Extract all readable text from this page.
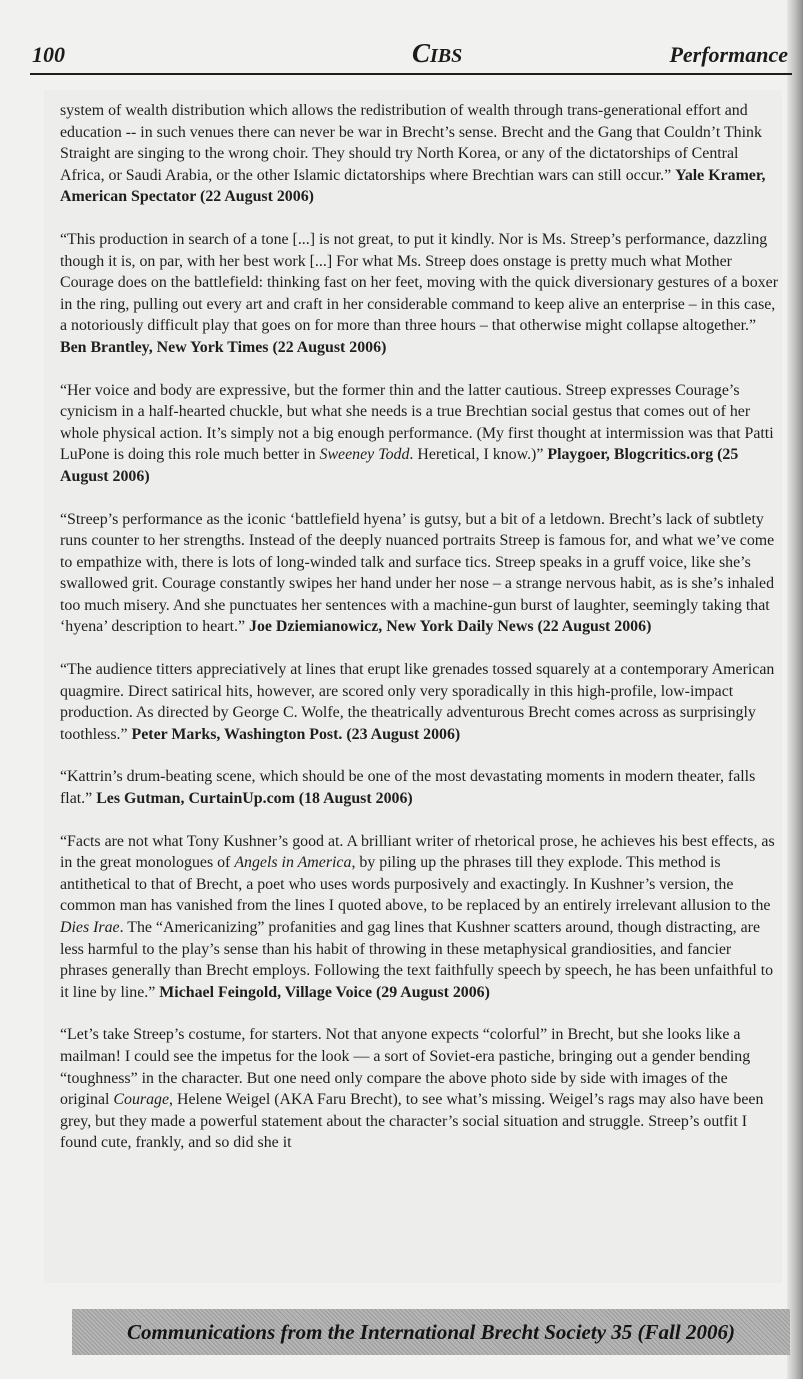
100	CIBS	Performance

system of wealth distribution which allows the redistribution of wealth through trans-generational effort and education -- in such venues there can never be war in Brecht’s sense. Brecht and the Gang that Couldn’t Think Straight are singing to the wrong choir. They should try North Korea, or any of the dictatorships of Central Africa, or Saudi Arabia, or the other Islamic dictatorships where Brechtian wars can still occur.” Yale Kramer, American Spectator (22 August 2006)

“This production in search of a tone [...] is not great, to put it kindly. Nor is Ms. Streep’s performance, dazzling though it is, on par, with her best work [...] For what Ms. Streep does onstage is pretty much what Mother Courage does on the battlefield: thinking fast on her feet, moving with the quick diversionary gestures of a boxer in the ring, pulling out every art and craft in her considerable command to keep alive an enterprise – in this case, a notoriously difficult play that goes on for more than three hours – that otherwise might collapse altogether.” Ben Brantley, New York Times (22 August 2006)

“Her voice and body are expressive, but the former thin and the latter cautious. Streep expresses Courage’s cynicism in a half-hearted chuckle, but what she needs is a true Brechtian social gestus that comes out of her whole physical action. It’s simply not a big enough performance. (My first thought at intermission was that Patti LuPone is doing this role much better in Sweeney Todd. Heretical, I know.)” Playgoer, Blogcritics.org (25 August 2006)

“Streep’s performance as the iconic ‘battlefield hyena’ is gutsy, but a bit of a letdown. Brecht’s lack of subtlety runs counter to her strengths. Instead of the deeply nuanced portraits Streep is famous for, and what we’ve come to empathize with, there is lots of long-winded talk and surface tics. Streep speaks in a gruff voice, like she’s swallowed grit. Courage constantly swipes her hand under her nose – a strange nervous habit, as is she’s inhaled too much misery. And she punctuates her sentences with a machine-gun burst of laughter, seemingly taking that ‘hyena’ description to heart.” Joe Dziemianowicz, New York Daily News (22 August 2006)

“The audience titters appreciatively at lines that erupt like grenades tossed squarely at a contemporary American quagmire. Direct satirical hits, however, are scored only very sporadically in this high-profile, low-impact production. As directed by George C. Wolfe, the theatrically adventurous Brecht comes across as surprisingly toothless.” Peter Marks, Washington Post. (23 August 2006)

“Kattrin’s drum-beating scene, which should be one of the most devastating moments in modern theater, falls flat.” Les Gutman, CurtainUp.com (18 August 2006)

“Facts are not what Tony Kushner’s good at. A brilliant writer of rhetorical prose, he achieves his best effects, as in the great monologues of Angels in America, by piling up the phrases till they explode. This method is antithetical to that of Brecht, a poet who uses words purposively and exactingly. In Kushner’s version, the common man has vanished from the lines I quoted above, to be replaced by an entirely irrelevant allusion to the Dies Irae. The “Americanizing” profanities and gag lines that Kushner scatters around, though distracting, are less harmful to the play’s sense than his habit of throwing in these metaphysical grandiosities, and fancier phrases generally than Brecht employs. Following the text faithfully speech by speech, he has been unfaithful to it line by line.” Michael Feingold, Village Voice (29 August 2006)

“Let’s take Streep’s costume, for starters. Not that anyone expects “colorful” in Brecht, but she looks like a mailman! I could see the impetus for the look — a sort of Soviet-era pastiche, bringing out a gender bending “toughness” in the character. But one need only compare the above photo side by side with images of the original Courage, Helene Weigel (AKA Faru Brecht), to see what’s missing. Weigel’s rags may also have been grey, but they made a powerful statement about the character’s social situation and struggle. Streep’s outfit I found cute, frankly, and so did she it

Communications from the International Brecht Society 35 (Fall 2006)
